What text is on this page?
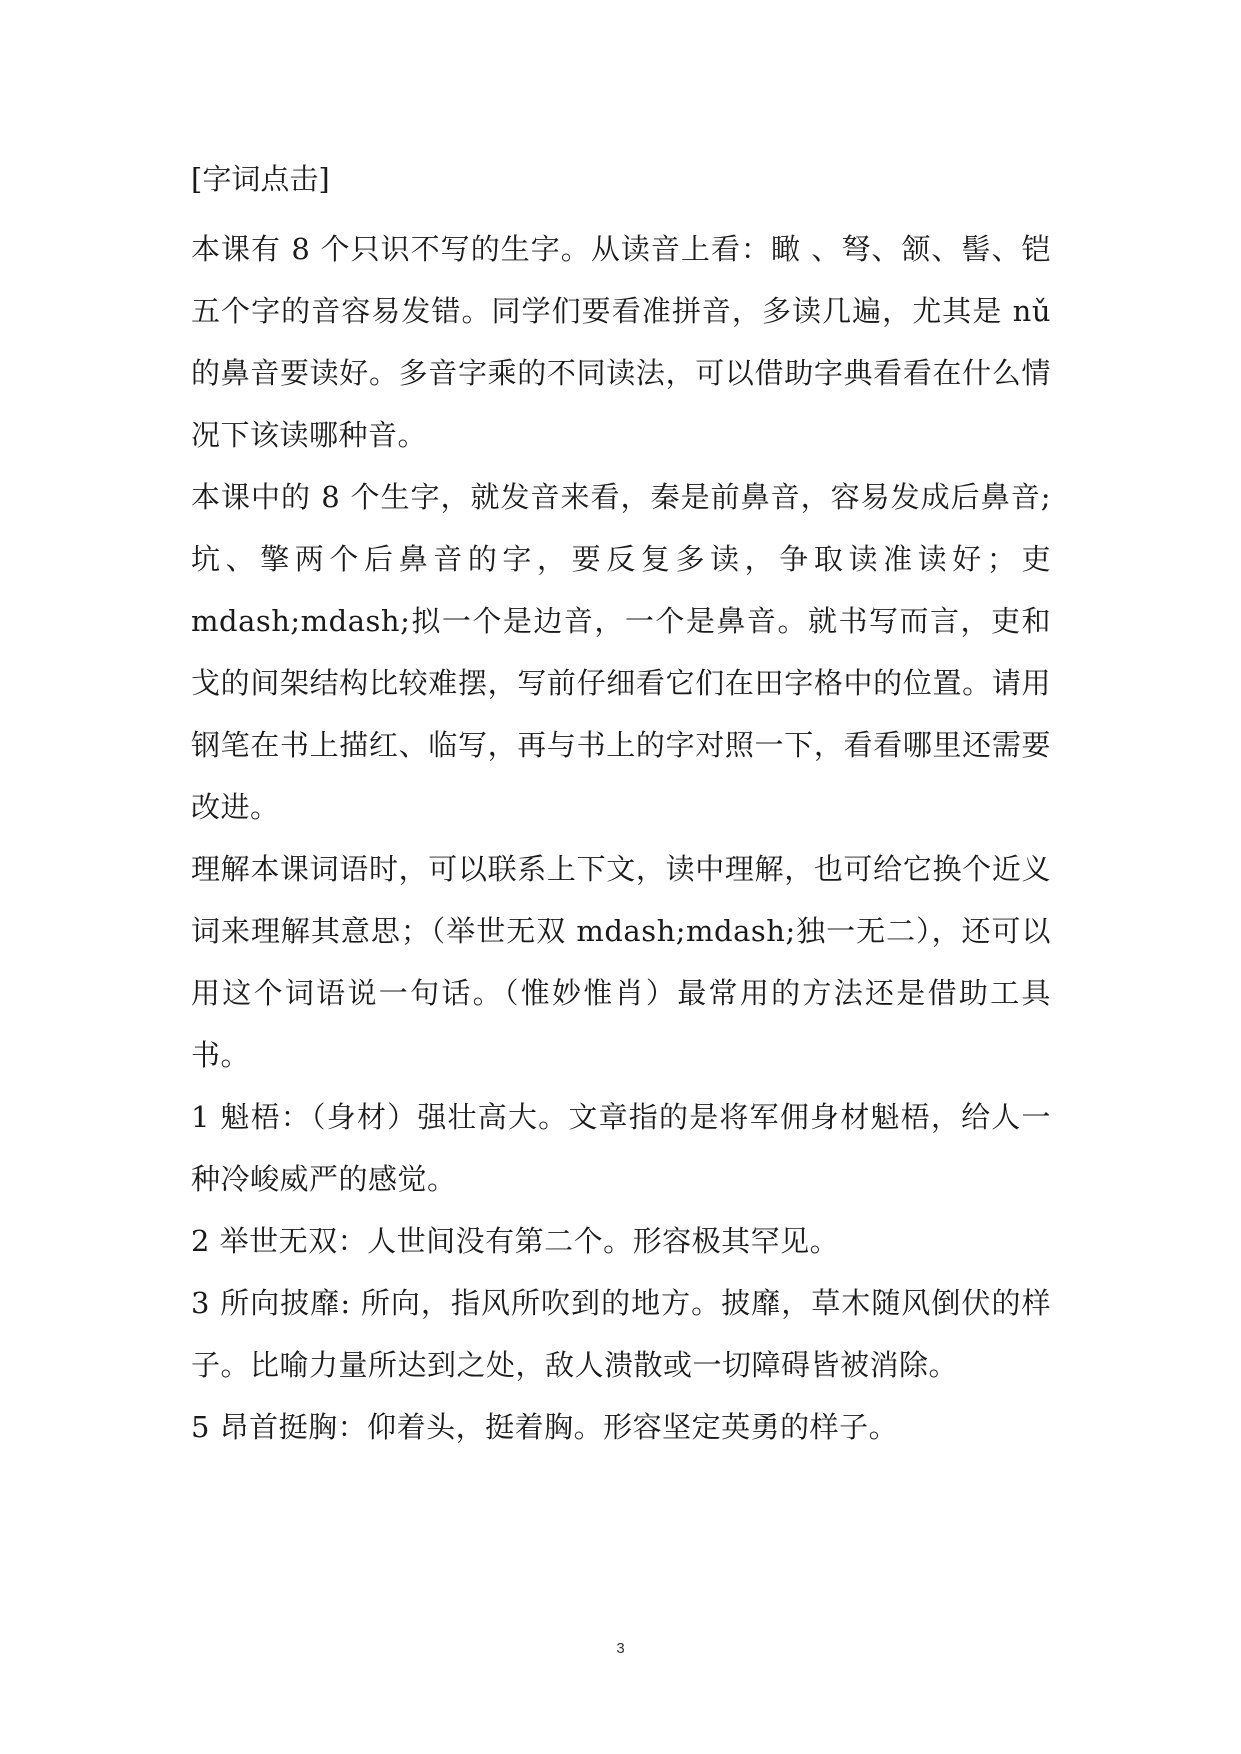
[字词点击]

本课有 8 个只识不写的生字。从读音上看：瞰 、弩、颔、髻、铠五个字的音容易发错。同学们要看准拼音，多读几遍，尤其是 nǔ的鼻音要读好。多音字乘的不同读法，可以借助字典看看在什么情况下该读哪种音。

本课中的 8 个生字，就发音来看，秦是前鼻音，容易发成后鼻音; 坑、擎两个后鼻音的字，要反复多读，争取读准读好；吏 mdash;mdash;拟一个是边音，一个是鼻音。就书写而言，吏和戈的间架结构比较难摆，写前仔细看它们在田字格中的位置。请用钢笔在书上描红、临写，再与书上的字对照一下，看看哪里还需要改进。

理解本课词语时，可以联系上下文，读中理解，也可给它换个近义词来理解其意思；（举世无双 mdash;mdash;独一无二），还可以用这个词语说一句话。（惟妙惟肖）最常用的方法还是借助工具书。

1 魁梧：（身材）强壮高大。文章指的是将军佣身材魁梧，给人一种冷峻威严的感觉。

2 举世无双：人世间没有第二个。形容极其罕见。

3 所向披靡: 所向，指风所吹到的地方。披靡，草木随风倒伏的样子。比喻力量所达到之处，敌人溃散或一切障碍皆被消除。

5 昂首挺胸：仰着头，挺着胸。形容坚定英勇的样子。

3
